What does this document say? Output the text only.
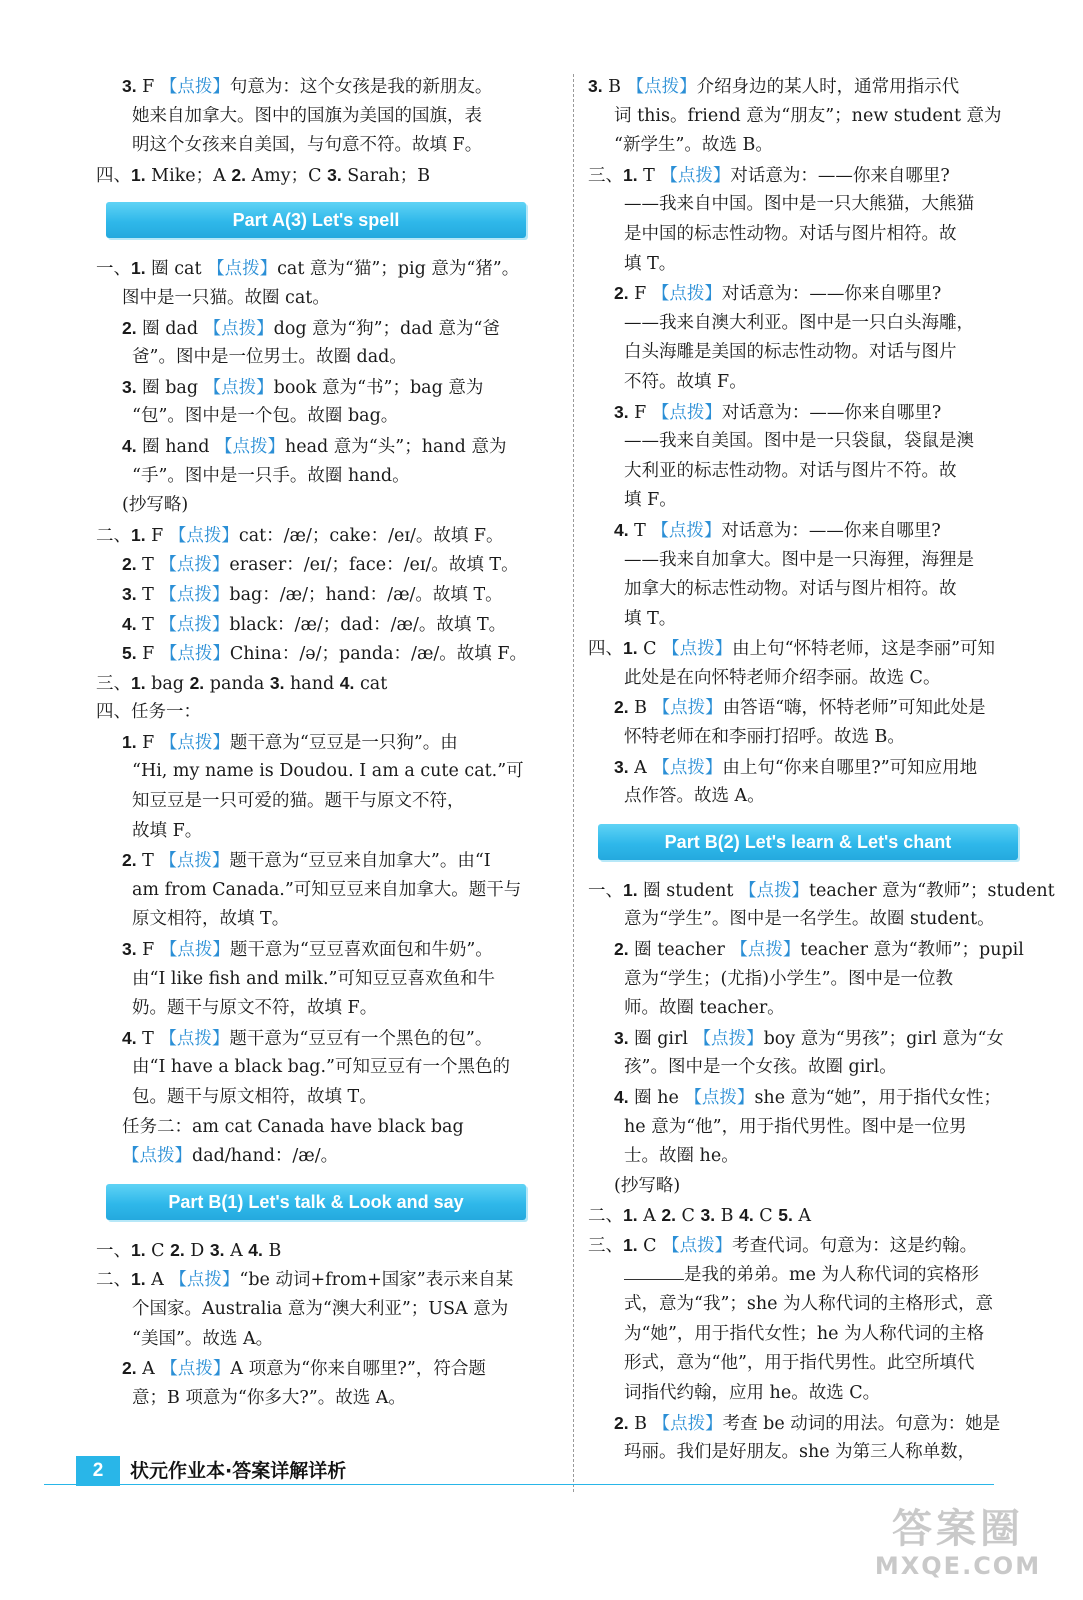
3. F 【点拨】句意为：这个女孩是我的新朋友。
她来自加拿大。图中的国旗为美国的国旗，表
明这个女孩来自美国，与句意不符。故填 F。
四、1. Mike；A 2. Amy；C 3. Sarah；B
Part A(3) Let's spell
一、1. 圈 cat 【点拨】cat 意为“猫”；pig 意为“猪”。
图中是一只猫。故圈 cat。
2. 圈 dad 【点拨】dog 意为“狗”；dad 意为“爸
爸”。图中是一位男士。故圈 dad。
3. 圈 bag 【点拨】book 意为“书”；bag 意为
“包”。图中是一个包。故圈 bag。
4. 圈 hand 【点拨】head 意为“头”；hand 意为
“手”。图中是一只手。故圈 hand。
(抄写略)
二、1. F 【点拨】cat：/æ/；cake：/eɪ/。故填 F。
2. T 【点拨】eraser：/eɪ/；face：/eɪ/。故填 T。
3. T 【点拨】bag：/æ/；hand：/æ/。故填 T。
4. T 【点拨】black：/æ/；dad：/æ/。故填 T。
5. F 【点拨】China：/ə/；panda：/æ/。故填 F。
三、1. bag 2. panda 3. hand 4. cat
四、任务一：
1. F 【点拨】题干意为“豆豆是一只狗”。由
“Hi, my name is Doudou. I am a cute cat.”可
知豆豆是一只可爱的猫。题干与原文不符，
故填 F。
2. T 【点拨】题干意为“豆豆来自加拿大”。由“I
am from Canada.”可知豆豆来自加拿大。题干与
原文相符，故填 T。
3. F 【点拨】题干意为“豆豆喜欢面包和牛奶”。
由“I like fish and milk.”可知豆豆喜欢鱼和牛
奶。题干与原文不符，故填 F。
4. T 【点拨】题干意为“豆豆有一个黑色的包”。
由“I have a black bag.”可知豆豆有一个黑色的
包。题干与原文相符，故填 T。
任务二：am cat Canada have black bag
【点拨】dad/hand：/æ/。
Part B(1) Let's talk & Look and say
一、1. C 2. D 3. A 4. B
二、1. A 【点拨】“be 动词+from+国家”表示来自某
个国家。Australia 意为“澳大利亚”；USA 意为
“美国”。故选 A。
2. A 【点拨】A 项意为“你来自哪里?”，符合题
意；B 项意为“你多大?”。故选 A。
3. B 【点拨】介绍身边的某人时，通常用指示代
词 this。friend 意为“朋友”；new student 意为
“新学生”。故选 B。
三、1. T 【点拨】对话意为：——你来自哪里?
——我来自中国。图中是一只大熊猫，大熊猫
是中国的标志性动物。对话与图片相符。故
填 T。
2. F 【点拨】对话意为：——你来自哪里?
——我来自澳大利亚。图中是一只白头海雕，
白头海雕是美国的标志性动物。对话与图片
不符。故填 F。
3. F 【点拨】对话意为：——你来自哪里?
——我来自美国。图中是一只袋鼠，袋鼠是澳
大利亚的标志性动物。对话与图片不符。故
填 F。
4. T 【点拨】对话意为：——你来自哪里?
——我来自加拿大。图中是一只海狸，海狸是
加拿大的标志性动物。对话与图片相符。故
填 T。
四、1. C 【点拨】由上句“怀特老师，这是李丽”可知
此处是在向怀特老师介绍李丽。故选 C。
2. B 【点拨】由答语“嗨，怀特老师”可知此处是
怀特老师在和李丽打招呼。故选 B。
3. A 【点拨】由上句“你来自哪里?”可知应用地
点作答。故选 A。
Part B(2) Let's learn & Let's chant
一、1. 圈 student 【点拨】teacher 意为“教师”；student
意为“学生”。图中是一名学生。故圈 student。
2. 圈 teacher 【点拨】teacher 意为“教师”；pupil
意为“学生；(尤指)小学生”。图中是一位教
师。故圈 teacher。
3. 圈 girl 【点拨】boy 意为“男孩”；girl 意为“女
孩”。图中是一个女孩。故圈 girl。
4. 圈 he 【点拨】she 意为“她”，用于指代女性；
he 意为“他”，用于指代男性。图中是一位男
士。故圈 he。
(抄写略)
二、1. A 2. C 3. B 4. C 5. A
三、1. C 【点拨】考查代词。句意为：这是约翰。
是我的弟弟。me 为人称代词的宾格形
式，意为“我”；she 为人称代词的主格形式，意
为“她”，用于指代女性；he 为人称代词的主格
形式，意为“他”，用于指代男性。此空所填代
词指代约翰，应用 he。故选 C。
2. B 【点拨】考查 be 动词的用法。句意为：她是
玛丽。我们是好朋友。she 为第三人称单数，
2	状元作业本·答案详解详析
答案圈
MXQE.COM
